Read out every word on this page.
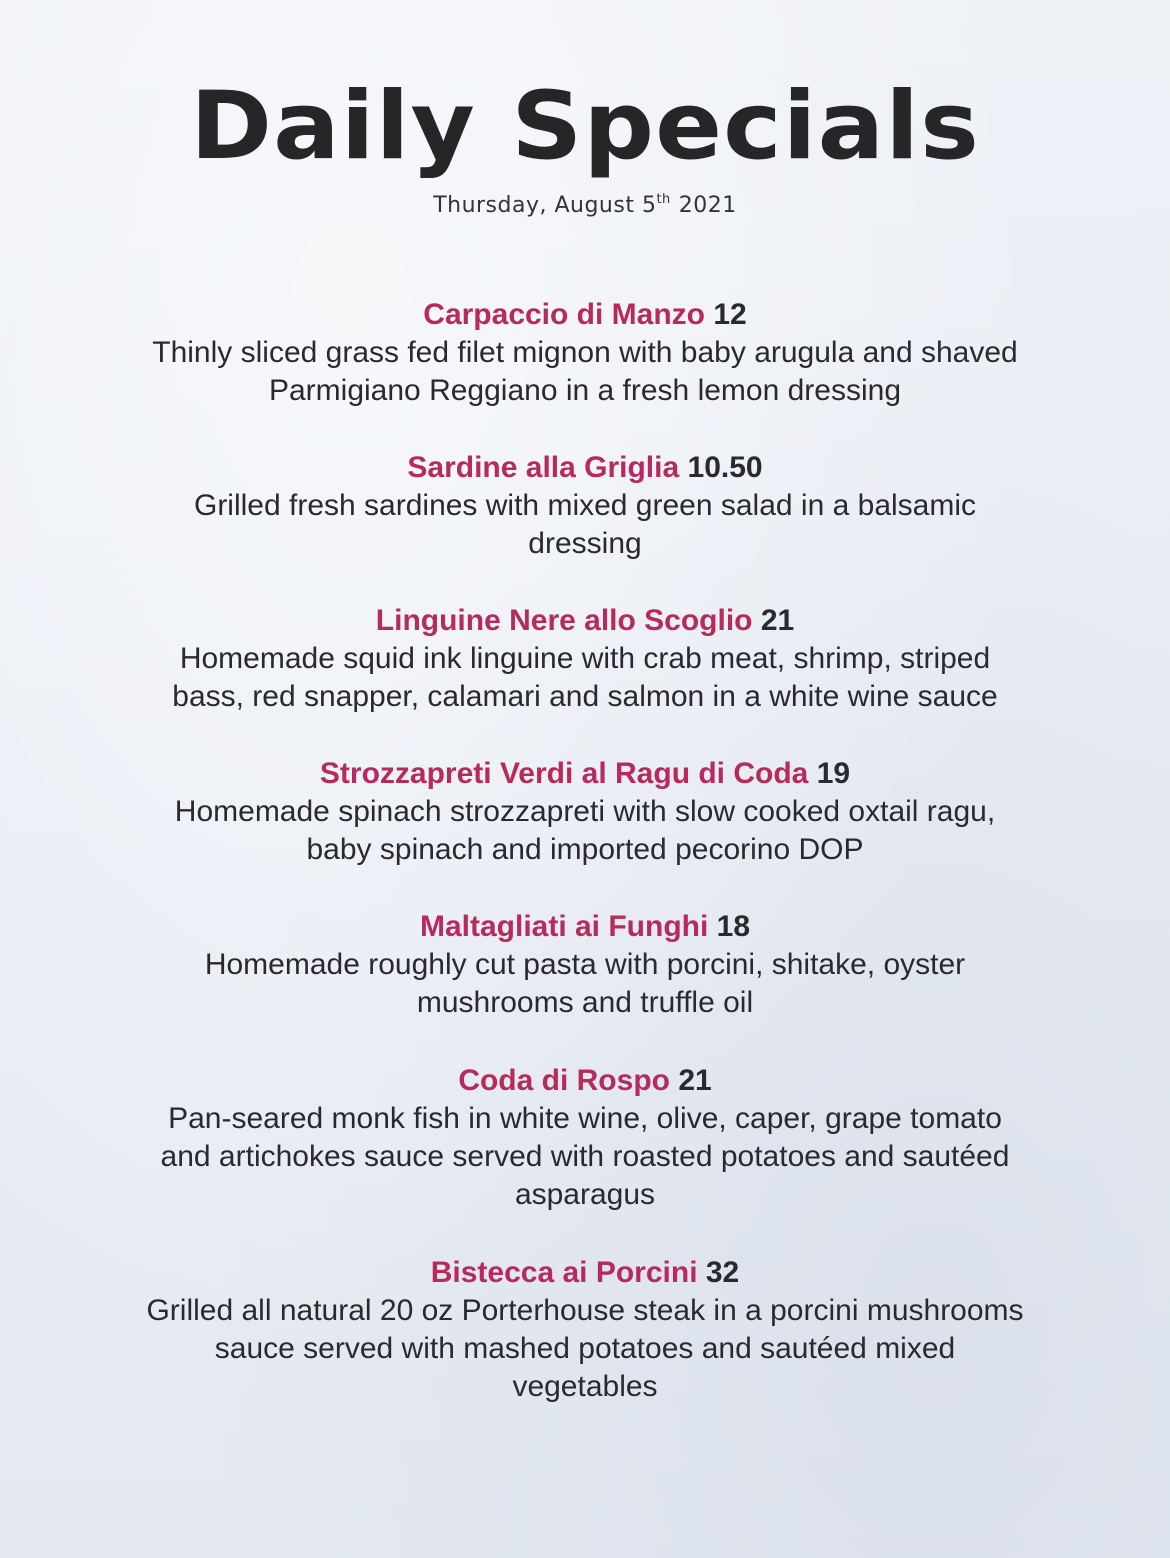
Daily Specials
Thursday, August 5th 2021
Carpaccio di Manzo 12
Thinly sliced grass fed filet mignon with baby arugula and shaved
Parmigiano Reggiano in a fresh lemon dressing
Sardine alla Griglia 10.50
Grilled fresh sardines with mixed green salad in a balsamic
dressing
Linguine Nere allo Scoglio 21
Homemade squid ink linguine with crab meat, shrimp, striped
bass, red snapper, calamari and salmon in a white wine sauce
Strozzapreti Verdi al Ragu di Coda 19
Homemade spinach strozzapreti with slow cooked oxtail ragu,
baby spinach and imported pecorino DOP
Maltagliati ai Funghi 18
Homemade roughly cut pasta with porcini, shitake, oyster
mushrooms and truffle oil
Coda di Rospo 21
Pan-seared monk fish in white wine, olive, caper, grape tomato
and artichokes sauce served with roasted potatoes and sautéed
asparagus
Bistecca ai Porcini 32
Grilled all natural 20 oz Porterhouse steak in a porcini mushrooms
sauce served with mashed potatoes and sautéed mixed
vegetables
